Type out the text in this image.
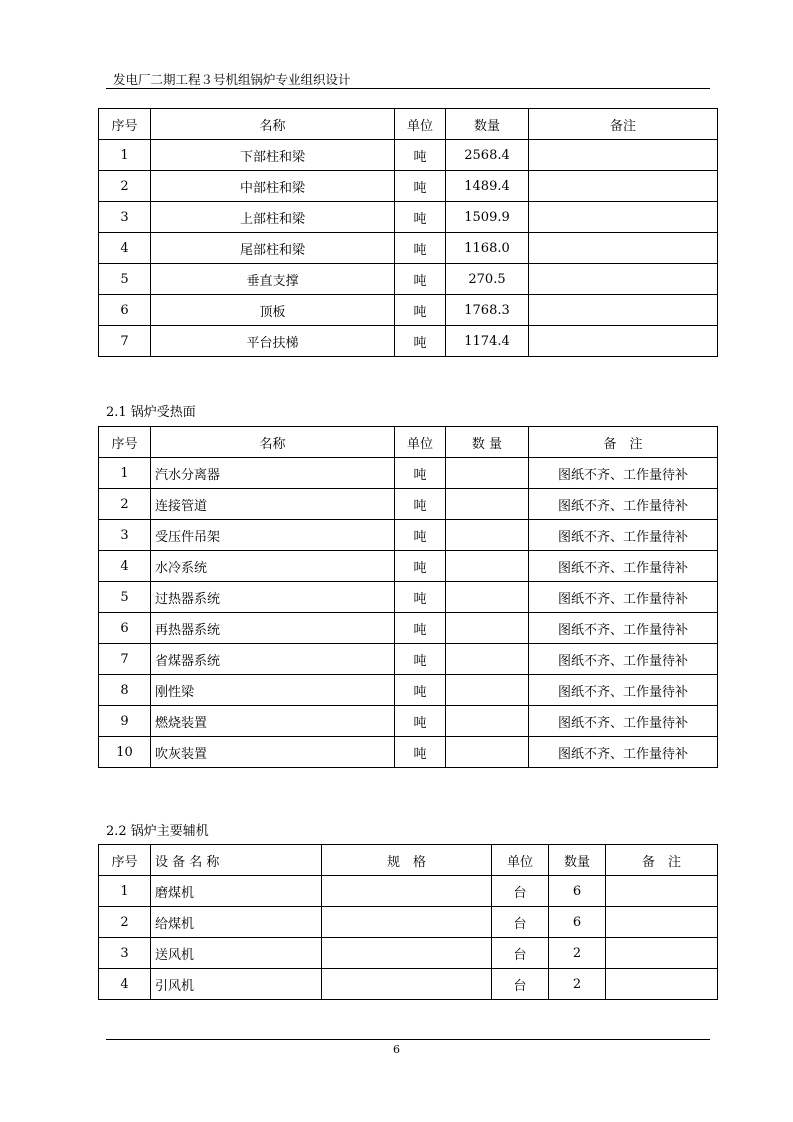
发电厂二期工程３号机组锅炉专业组织设计
序号	名称	单位	数量	备注
1	下部柱和梁	吨	2568.4	
2	中部柱和梁	吨	1489.4	
3	上部柱和梁	吨	1509.9	
4	尾部柱和梁	吨	1168.0	
5	垂直支撑	吨	270.5	
6	顶板	吨	1768.3	
7	平台扶梯	吨	1174.4	
2.1 锅炉受热面
序号	名称	单位	数 量	备　注
1	汽水分离器	吨		图纸不齐、工作量待补
2	连接管道	吨		图纸不齐、工作量待补
3	受压件吊架	吨		图纸不齐、工作量待补
4	水冷系统	吨		图纸不齐、工作量待补
5	过热器系统	吨		图纸不齐、工作量待补
6	再热器系统	吨		图纸不齐、工作量待补
7	省煤器系统	吨		图纸不齐、工作量待补
8	刚性梁	吨		图纸不齐、工作量待补
9	燃烧装置	吨		图纸不齐、工作量待补
10	吹灰装置	吨		图纸不齐、工作量待补
2.2 锅炉主要辅机
序号	设 备 名 称	规　格	单位	数量	备　注
1	磨煤机		台	6	
2	给煤机		台	6	
3	送风机		台	2	
4	引风机		台	2	
6
